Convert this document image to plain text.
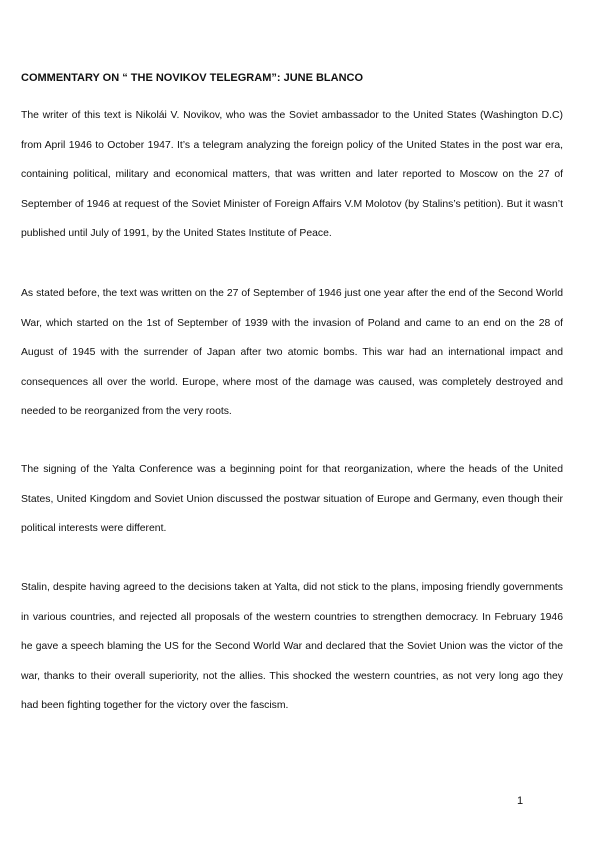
COMMENTARY ON “ THE NOVIKOV TELEGRAM”: JUNE BLANCO

The writer of this text is Nikolái V. Novikov, who was the Soviet ambassador to the United States (Washington D.C) from April 1946 to October 1947. It’s a telegram analyzing the foreign policy of the United States in the post war era, containing political, military and economical matters, that was written and later reported to Moscow on the 27 of September of 1946 at request of the Soviet Minister of Foreign Affairs V.M Molotov (by Stalins’s petition). But it wasn’t published until July of 1991, by the United States Institute of Peace.

As stated before, the text was written on the 27 of September of 1946 just one year after the end of the Second World War, which started on the 1st of September of 1939 with the invasion of Poland and came to an end on the 28 of August of 1945 with the surrender of Japan after two atomic bombs. This war had an international impact and consequences all over the world. Europe, where most of the damage was caused, was completely destroyed and needed to be reorganized from the very roots.

The signing of the Yalta Conference was a beginning point for that reorganization, where the heads of the United States, United Kingdom and Soviet Union discussed the postwar situation of Europe and Germany, even though their political interests were different.

Stalin, despite having agreed to the decisions taken at Yalta, did not stick to the plans, imposing friendly governments in various countries, and rejected all proposals of the western countries to strengthen democracy. In February 1946 he gave a speech blaming the US for the Second World War and declared that the Soviet Union was the victor of the war, thanks to their overall superiority, not the allies. This shocked the western countries, as not very long ago they had been fighting together for the victory over the fascism.

1
